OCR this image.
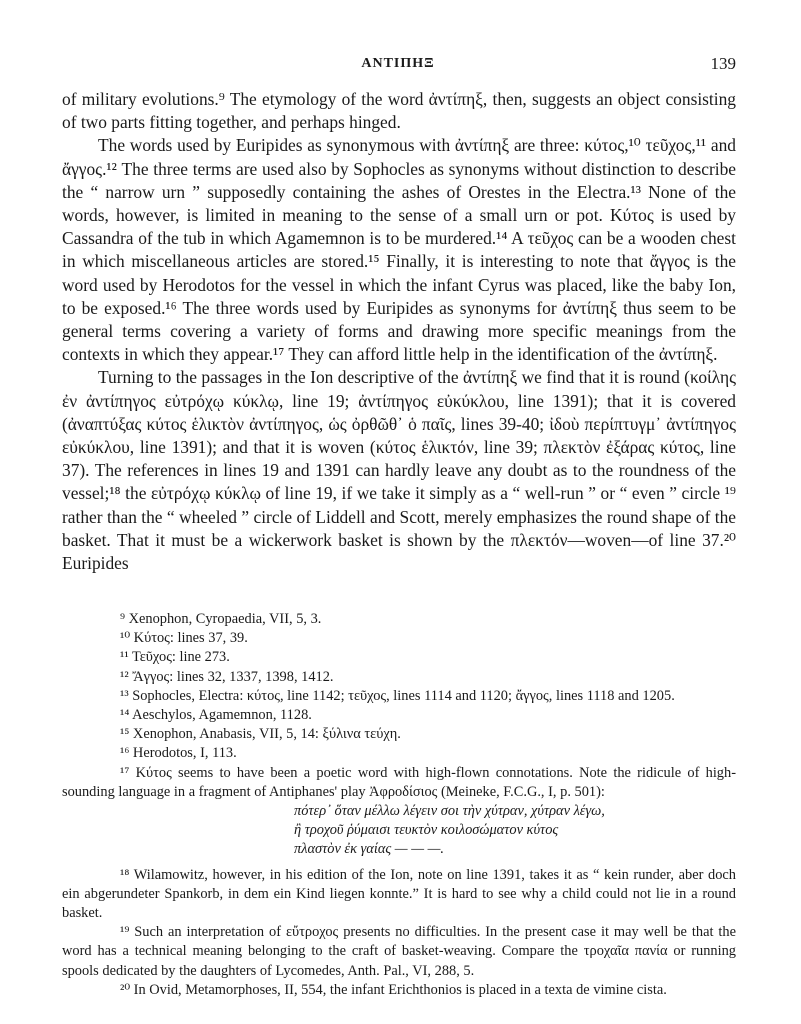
ΑΝΤΙΠΗΞ	139

of military evolutions.⁹ The etymology of the word ἀντίπηξ, then, suggests an object consisting of two parts fitting together, and perhaps hinged.

The words used by Euripides as synonymous with ἀντίπηξ are three: κύτος,¹⁰ τεῦχος,¹¹ and ἄγγος.¹² The three terms are used also by Sophocles as synonyms without distinction to describe the “ narrow urn ” supposedly containing the ashes of Orestes in the Electra.¹³ None of the words, however, is limited in meaning to the sense of a small urn or pot. Κύτος is used by Cassandra of the tub in which Agamemnon is to be murdered.¹⁴ A τεῦχος can be a wooden chest in which miscellaneous articles are stored.¹⁵ Finally, it is interesting to note that ἄγγος is the word used by Herodotos for the vessel in which the infant Cyrus was placed, like the baby Ion, to be exposed.¹⁶ The three words used by Euripides as synonyms for ἀντίπηξ thus seem to be general terms covering a variety of forms and drawing more specific meanings from the contexts in which they appear.¹⁷ They can afford little help in the identification of the ἀντίπηξ.

Turning to the passages in the Ion descriptive of the ἀντίπηξ we find that it is round (κοίλης ἐν ἀντίπηγος εὐτρόχῳ κύκλῳ, line 19; ἀντίπηγος εὐκύκλου, line 1391); that it is covered (ἀναπτύξας κύτος ἑλικτὸν ἀντίπηγος, ὡς ὀρθῶθ᾽ ὁ παῖς, lines 39-40; ἰδοὺ περίπτυγμ᾽ ἀντίπηγος εὐκύκλου, line 1391); and that it is woven (κύτος ἑλικτόν, line 39; πλεκτὸν ἐξάρας κύτος, line 37). The references in lines 19 and 1391 can hardly leave any doubt as to the roundness of the vessel;¹⁸ the εὐτρόχῳ κύκλῳ of line 19, if we take it simply as a “ well-run ” or “ even ” circle ¹⁹ rather than the “ wheeled ” circle of Liddell and Scott, merely emphasizes the round shape of the basket. That it must be a wickerwork basket is shown by the πλεκτόν—woven—of line 37.²⁰ Euripides

⁹ Xenophon, Cyropaedia, VII, 5, 3.

¹⁰ Κύτος: lines 37, 39.

¹¹ Τεῦχος: line 273.

¹² Ἄγγος: lines 32, 1337, 1398, 1412.

¹³ Sophocles, Electra: κύτος, line 1142; τεῦχος, lines 1114 and 1120; ἄγγος, lines 1118 and 1205.

¹⁴ Aeschylos, Agamemnon, 1128.

¹⁵ Xenophon, Anabasis, VII, 5, 14: ξύλινα τεύχη.

¹⁶ Herodotos, I, 113.

¹⁷ Κύτος seems to have been a poetic word with high-flown connotations. Note the ridicule of high-sounding language in a fragment of Antiphanes' play Ἀφροδίσιος (Meineke, F.C.G., I, p. 501):

πότερ᾽ ὅταν μέλλω λέγειν σοι τὴν χύτραν, χύτραν λέγω,

ἢ τροχοῦ ῥύμαισι τευκτὸν κοιλοσώματον κύτος

πλαστὸν ἐκ γαίας — — —.

¹⁸ Wilamowitz, however, in his edition of the Ion, note on line 1391, takes it as “ kein runder, aber doch ein abgerundeter Spankorb, in dem ein Kind liegen konnte.” It is hard to see why a child could not lie in a round basket.

¹⁹ Such an interpretation of εὔτροχος presents no difficulties. In the present case it may well be that the word has a technical meaning belonging to the craft of basket-weaving. Compare the τροχαῖα πανία or running spools dedicated by the daughters of Lycomedes, Anth. Pal., VI, 288, 5.

²⁰ In Ovid, Metamorphoses, II, 554, the infant Erichthonios is placed in a texta de vimine cista.
